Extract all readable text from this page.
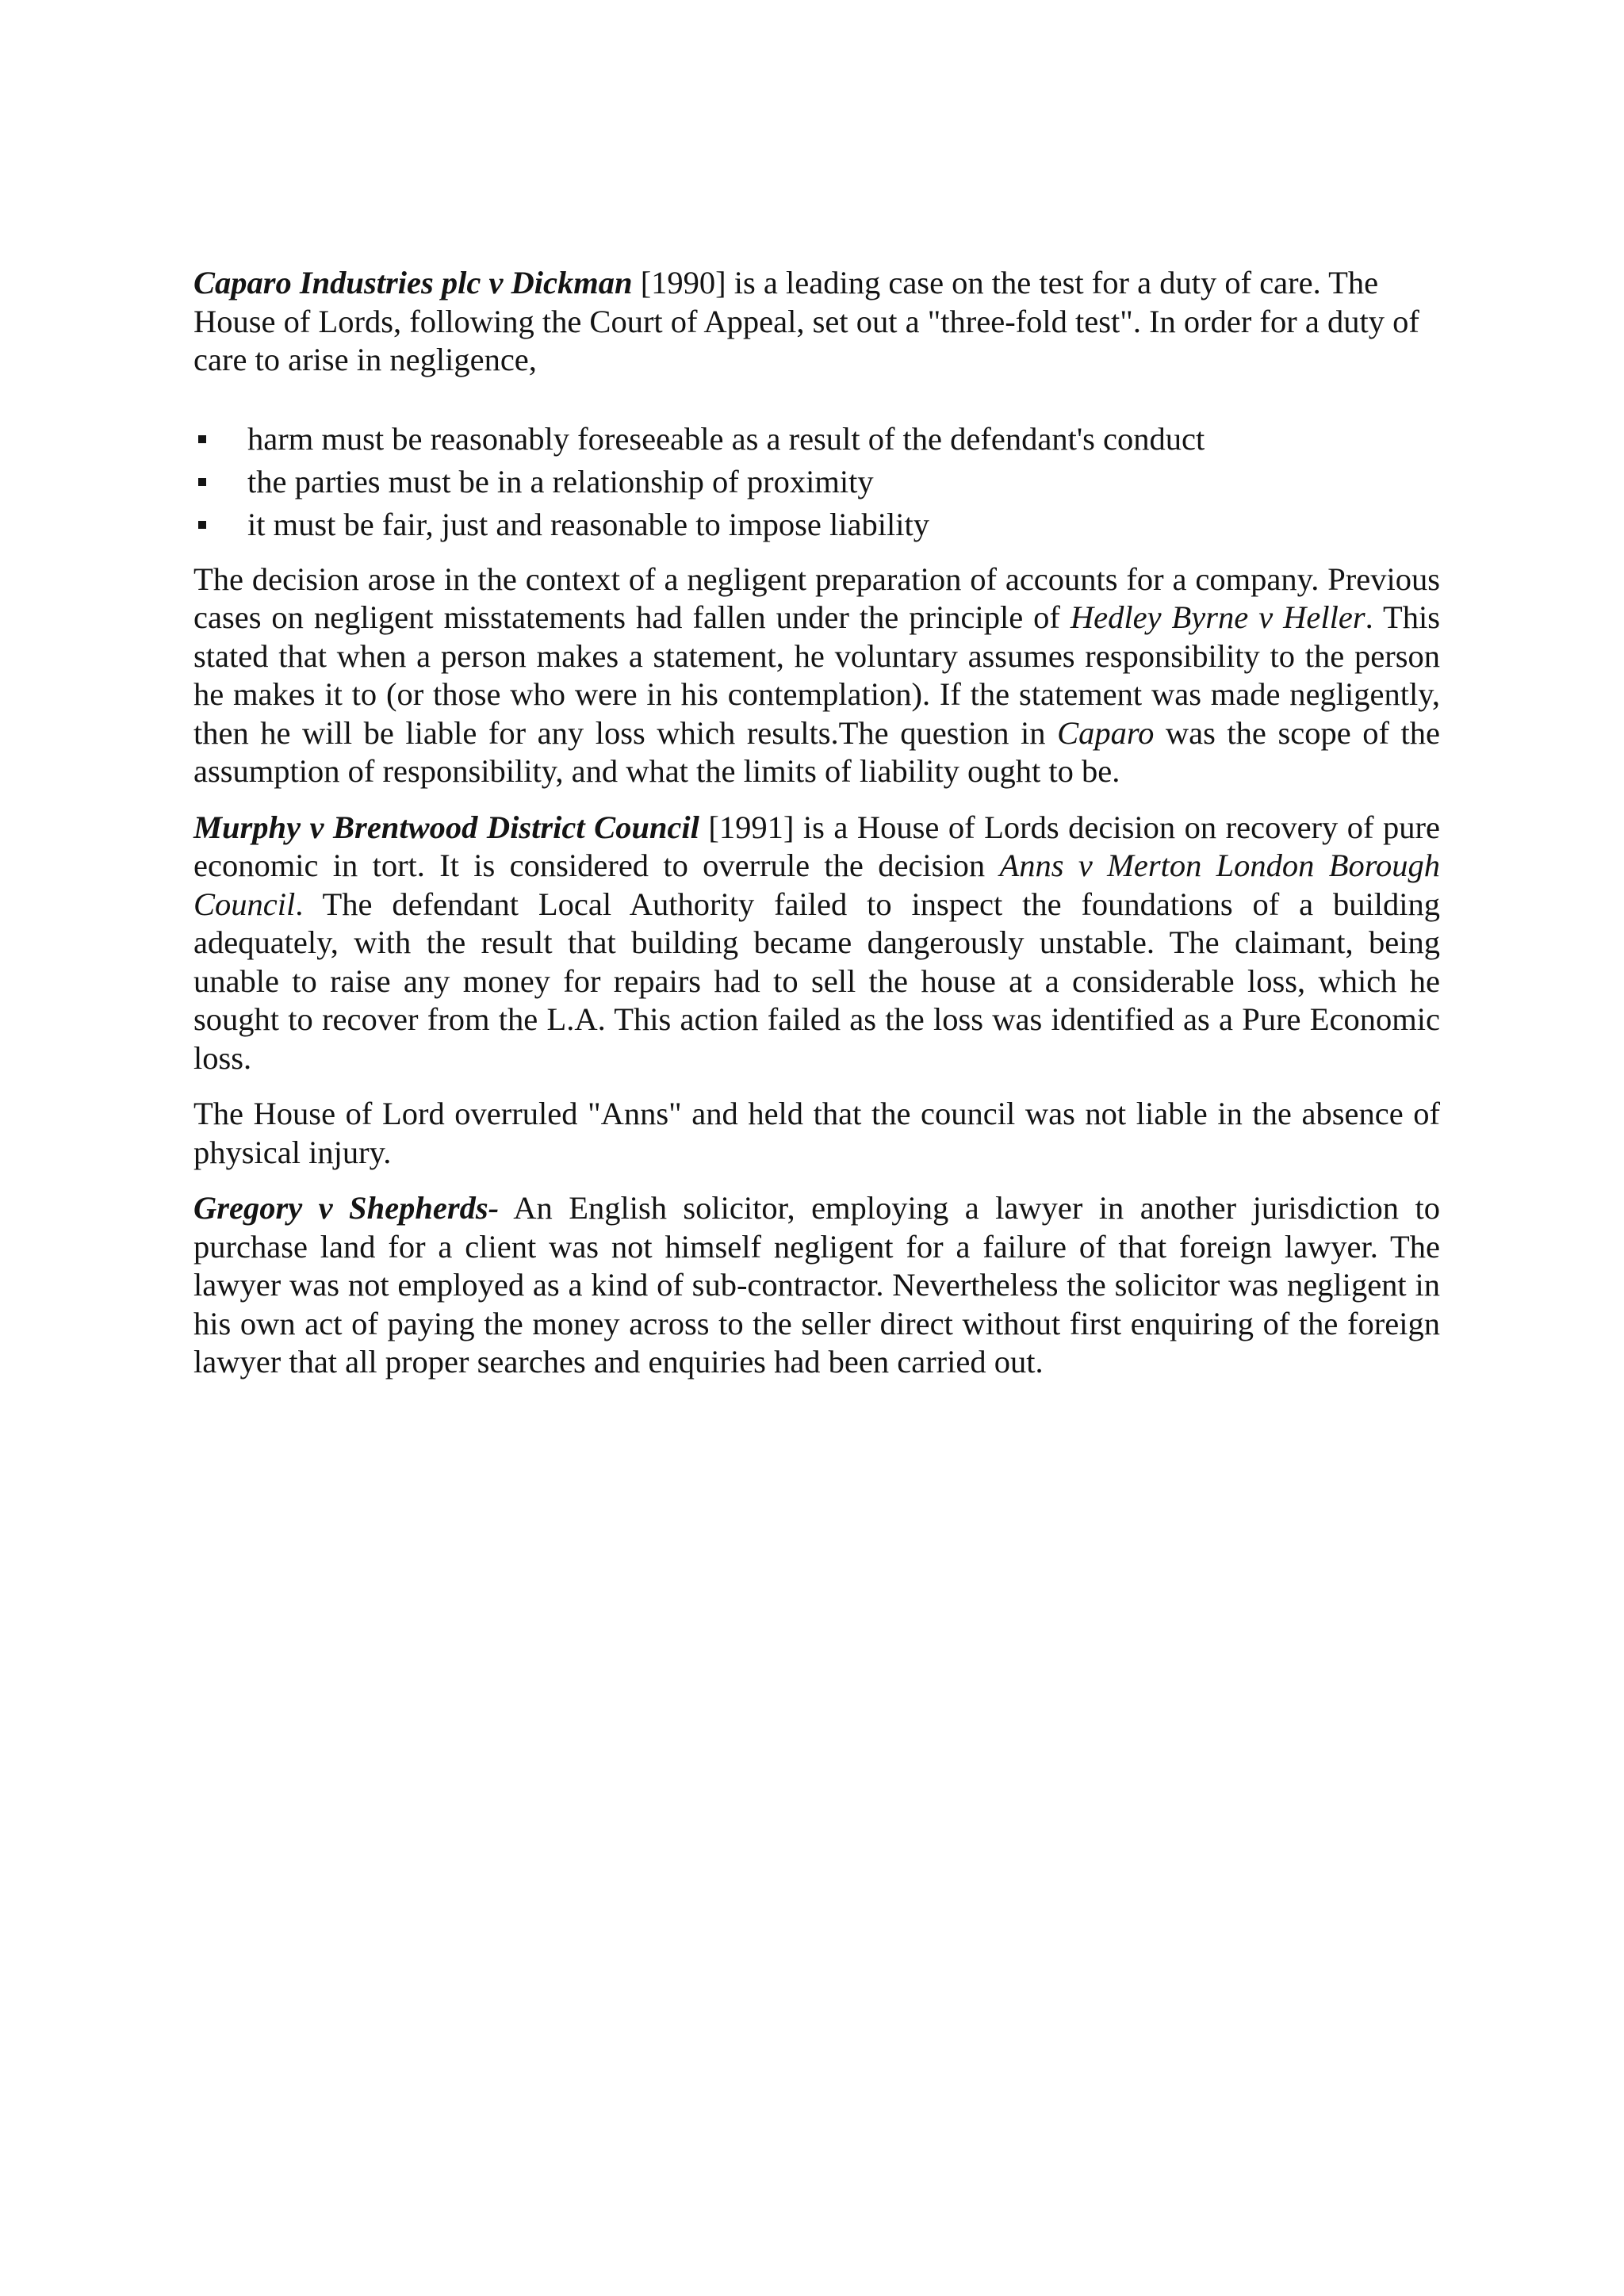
Caparo Industries plc v Dickman [1990] is a leading case on the test for a duty of care. The House of Lords, following the Court of Appeal, set out a "three-fold test". In order for a duty of care to arise in negligence,

harm must be reasonably foreseeable as a result of the defendant's conduct
the parties must be in a relationship of proximity
it must be fair, just and reasonable to impose liability

The decision arose in the context of a negligent preparation of accounts for a company. Previous cases on negligent misstatements had fallen under the principle of Hedley Byrne v Heller. This stated that when a person makes a statement, he voluntary assumes responsibility to the person he makes it to (or those who were in his contemplation). If the statement was made negligently, then he will be liable for any loss which results.The question in Caparo was the scope of the assumption of responsibility, and what the limits of liability ought to be.

Murphy v Brentwood District Council [1991] is a House of Lords decision on recovery of pure economic in tort. It is considered to overrule the decision Anns v Merton London Borough Council. The defendant Local Authority failed to inspect the foundations of a building adequately, with the result that building became dangerously unstable. The claimant, being unable to raise any money for repairs had to sell the house at a considerable loss, which he sought to recover from the L.A. This action failed as the loss was identified as a Pure Economic loss.

The House of Lord overruled "Anns" and held that the council was not liable in the absence of physical injury.

Gregory v Shepherds- An English solicitor, employing a lawyer in another jurisdiction to purchase land for a client was not himself negligent for a failure of that foreign lawyer. The lawyer was not employed as a kind of sub-contractor. Nevertheless the solicitor was negligent in his own act of paying the money across to the seller direct without first enquiring of the foreign lawyer that all proper searches and enquiries had been carried out.
